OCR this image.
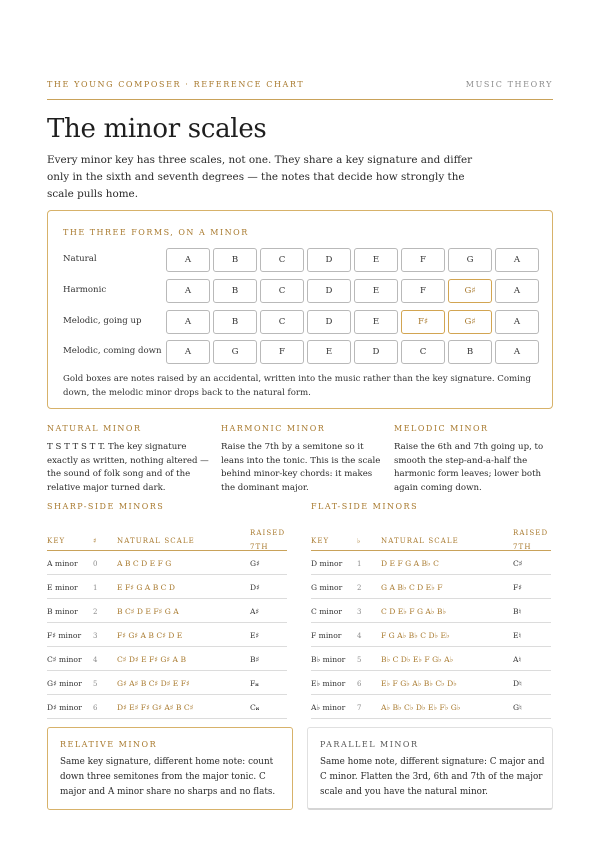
THE YOUNG COMPOSER · REFERENCE CHART	MUSIC THEORY
The minor scales

Every minor key has three scales, not one. They share a key signature and differ only in the sixth and seventh degrees — the notes that decide how strongly the scale pulls home.

THE THREE FORMS, ON A MINOR
Natural	A	B	C	D	E	F	G	A
Harmonic	A	B	C	D	E	F	G♯	A
Melodic, going up	A	B	C	D	E	F♯	G♯	A
Melodic, coming down	A	G	F	E	D	C	B	A

Gold boxes are notes raised by an accidental, written into the music rather than the key signature. Coming down, the melodic minor drops back to the natural form.

NATURAL MINOR
T S T T S T T. The key signature exactly as written, nothing altered — the sound of folk song and of the relative major turned dark.
HARMONIC MINOR
Raise the 7th by a semitone so it leans into the tonic. This is the scale behind minor-key chords: it makes the dominant major.
MELODIC MINOR
Raise the 6th and 7th going up, to smooth the step-and-a-half the harmonic form leaves; lower both again coming down.
SHARP-SIDE MINORS
KEY	♯	NATURAL SCALE
RAISED
7TH
A minor 0	A B C D E F G	G♯
E minor 1	E F♯ G A B C D	D♯
B minor 2	B C♯ D E F♯ G A	A♯
F♯ minor 3	F♯ G♯ A B C♯ D E	E♯
C♯ minor 4	C♯ D♯ E F♯ G♯ A B	B♯
G♯ minor 5	G♯ A♯ B C♯ D♯ E F♯	F𝄪
D♯ minor 6	D♯ E♯ F♯ G♯ A♯ B C♯	C𝄪
FLAT-SIDE MINORS
KEY	♭	NATURAL SCALE
RAISED
7TH
D minor 1	D E F G A B♭ C	C♯
G minor 2	G A B♭ C D E♭ F	F♯
C minor 3	C D E♭ F G A♭ B♭	B♮
F minor 4	F G A♭ B♭ C D♭ E♭	E♮
B♭ minor 5	B♭ C D♭ E♭ F G♭ A♭	A♮
E♭ minor 6	E♭ F G♭ A♭ B♭ C♭ D♭	D♮
A♭ minor 7	A♭ B♭ C♭ D♭ E♭ F♭ G♭	G♮
RELATIVE MINOR
Same key signature, different home note: count down three semitones from the major tonic. C major and A minor share no sharps and no flats.
PARALLEL MINOR
Same home note, different signature: C major and C minor. Flatten the 3rd, 6th and 7th of the major scale and you have the natural minor.
